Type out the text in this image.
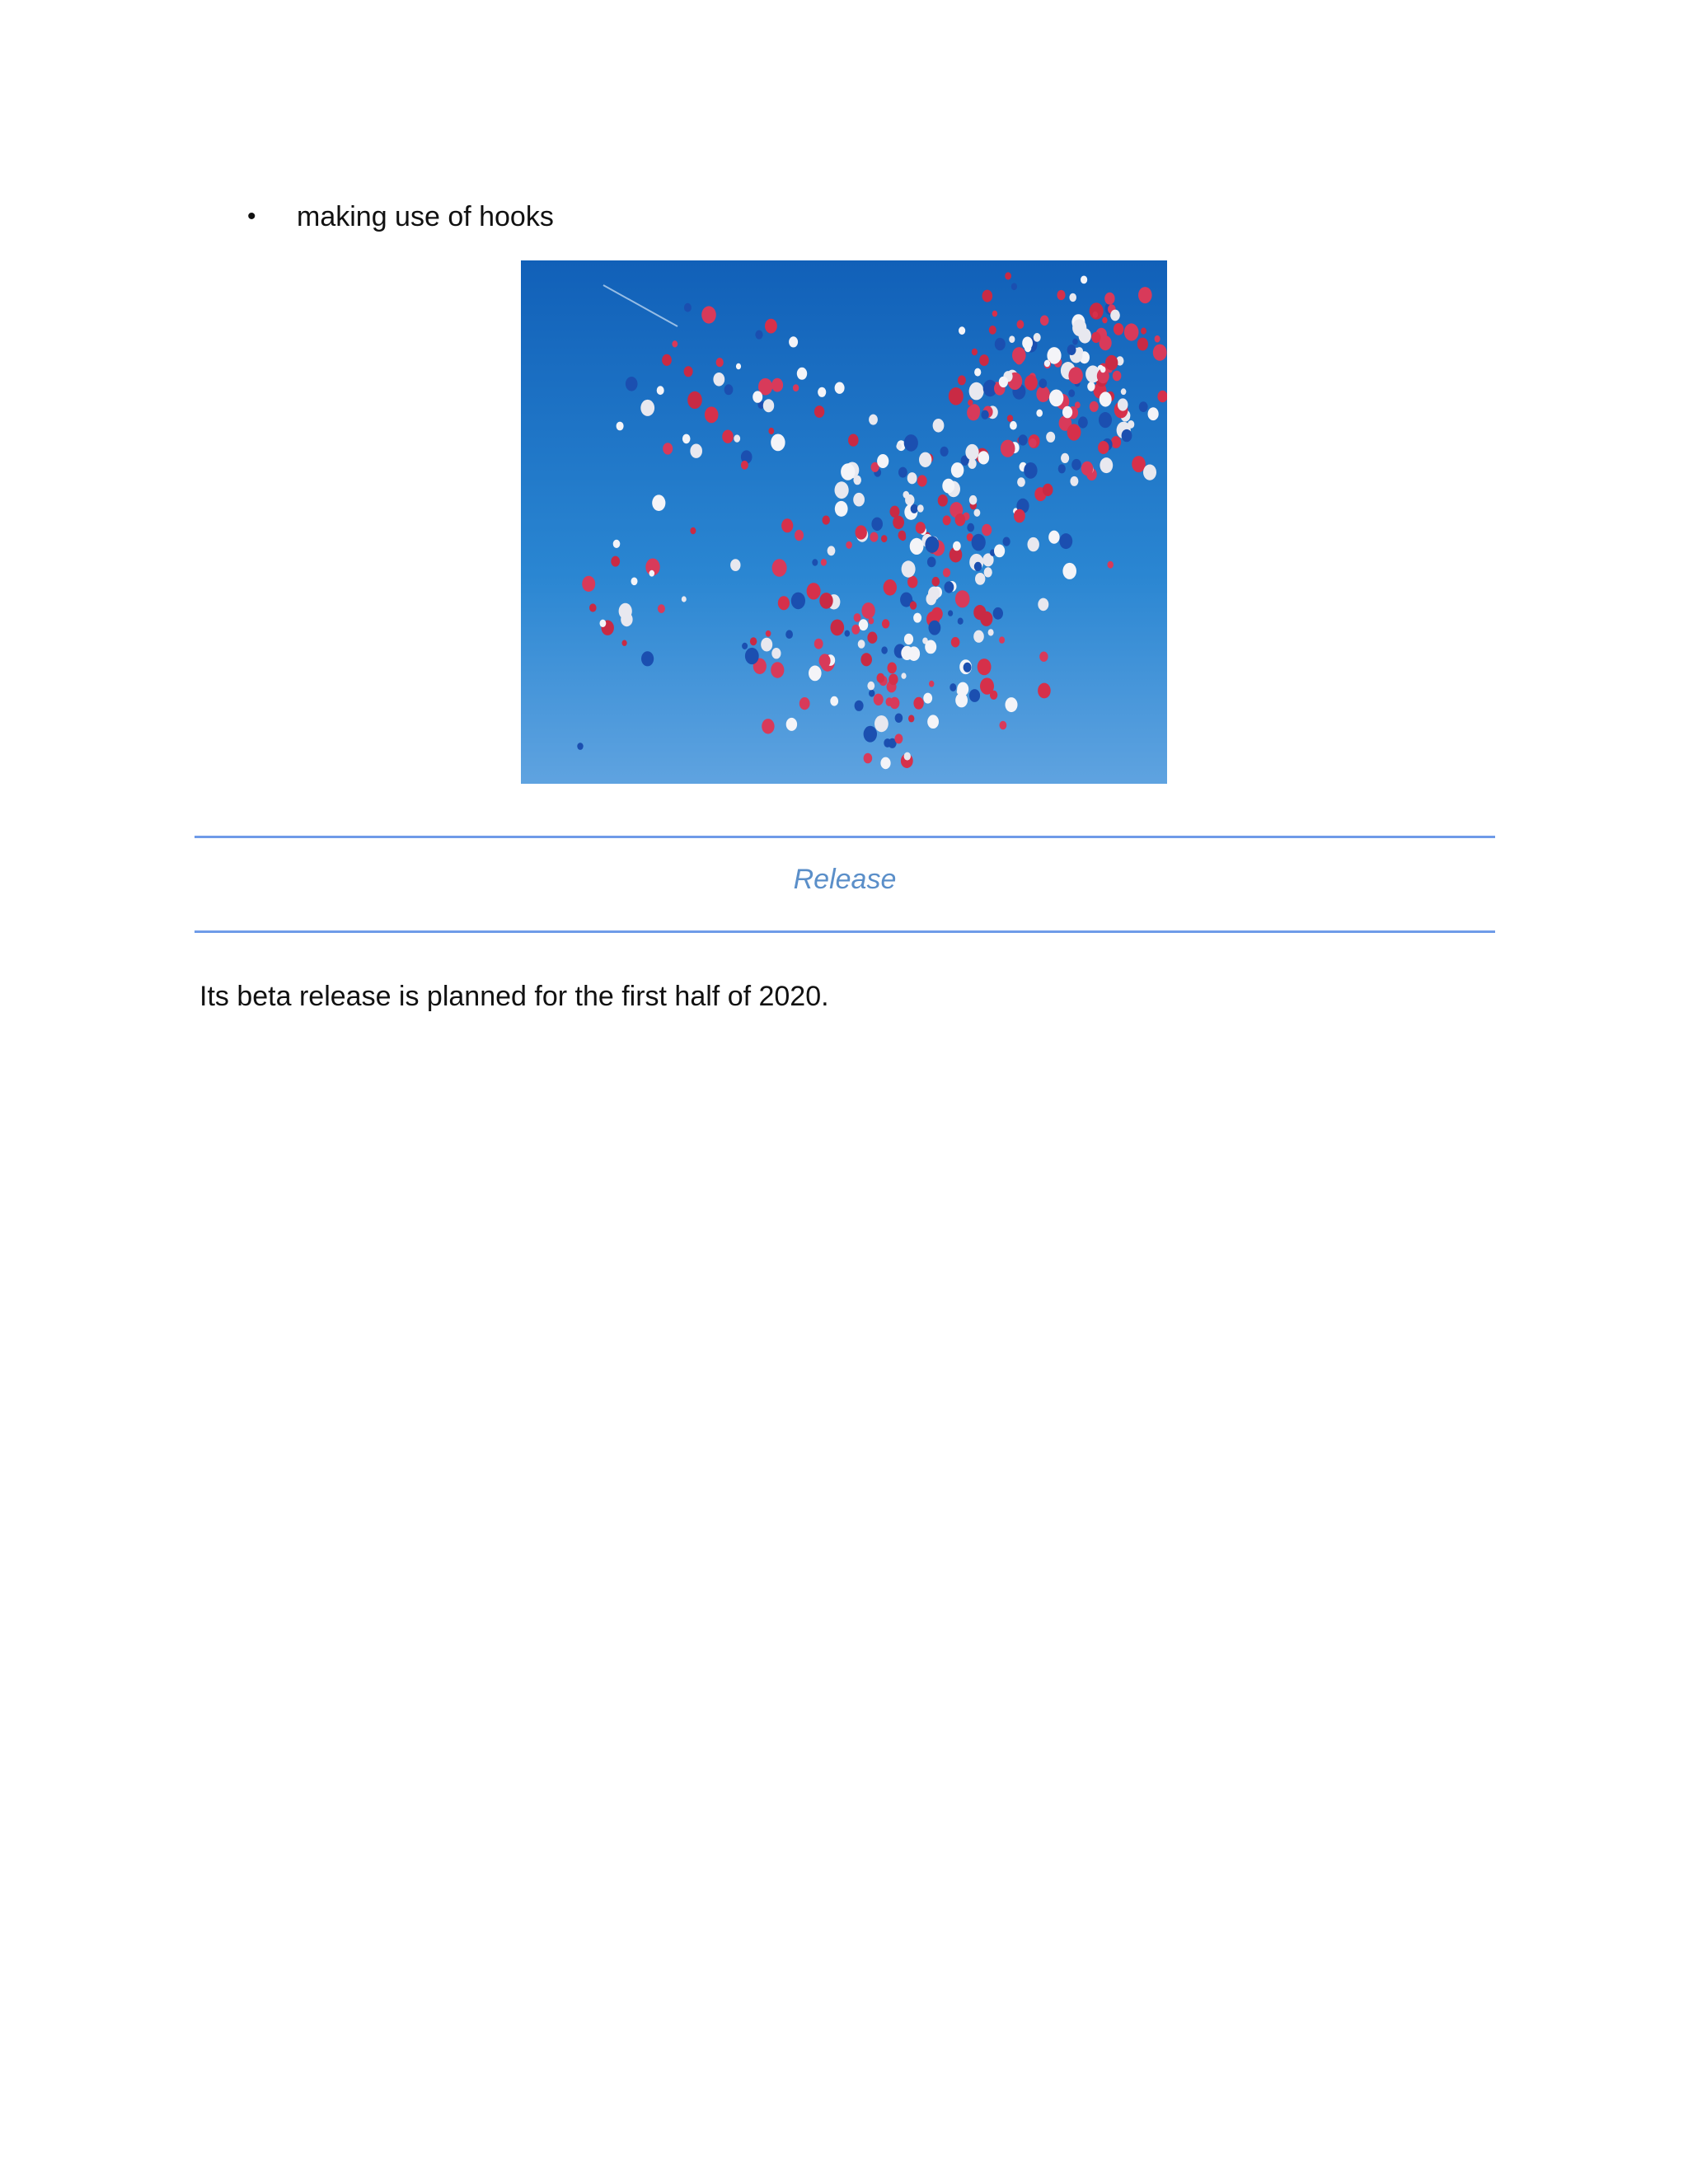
•	making use of hooks
Release
Its beta release is planned for the first half of 2020.
